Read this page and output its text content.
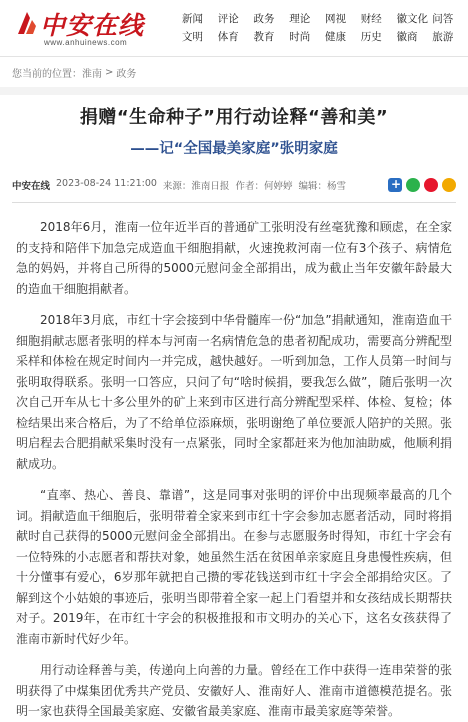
中安在线
www.anhuinews.com
新闻	评论	政务	理论	网视	财经	徽文化 问答
文明	体育	教育	时尚	健康	历史	徽商	旅游
您当前的位置： 淮南 > 政务
捐赠“生命种子”用行动诠释“善和美”
——记“全国最美家庭”张明家庭
中安在线 2023-08-24 11:21:00 来源：淮南日报 作者：何婷婷 编辑：杨雪
+

2018年6月，淮南一位年近半百的普通矿工张明没有丝毫犹豫和顾虑，在全家的支持和陪伴下加急完成造血干细胞捐献，火速挽救河南一位有3个孩子、病情危急的妈妈，并将自己所得的5000元慰问金全部捐出，成为截止当年安徽年龄最大的造血干细胞捐献者。

2018年3月底，市红十字会接到中华骨髓库一份“加急”捐献通知，淮南造血干细胞捐献志愿者张明的样本与河南一名病情危急的患者初配成功，需要高分辨配型采样和体检在规定时间内一并完成，越快越好。一听到加急，工作人员第一时间与张明取得联系。张明一口答应，只问了句“啥时候捐，要我怎么做”，随后张明一次次自己开车从七十多公里外的矿上来到市区进行高分辨配型采样、体检、复检；体检结果出来合格后，为了不给单位添麻烦，张明谢绝了单位要派人陪护的关照。张明启程去合肥捐献采集时没有一点紧张，同时全家都赶来为他加油助威，他顺利捐献成功。

“直率、热心、善良、靠谱”，这是同事对张明的评价中出现频率最高的几个词。捐献造血干细胞后，张明带着全家来到市红十字会参加志愿者活动，同时将捐献时自己获得的5000元慰问金全部捐出。在参与志愿服务时得知，市红十字会有一位特殊的小志愿者和帮扶对象，她虽然生活在贫困单亲家庭且身患慢性疾病，但十分懂事有爱心，6岁那年就把自己攒的零花钱送到市红十字会全部捐给灾区。了解到这个小姑娘的事迹后，张明当即带着全家一起上门看望并和女孩结成长期帮扶对子。2019年，在市红十字会的积极推报和市文明办的关心下，这名女孩获得了淮南市新时代好少年。

用行动诠释善与美，传递向上向善的力量。曾经在工作中获得一连串荣誉的张明获得了中煤集团优秀共产党员、安徽好人、淮南好人、淮南市道德模范提名。张明一家也获得全国最美家庭、安徽省最美家庭、淮南市最美家庭等荣誉。
